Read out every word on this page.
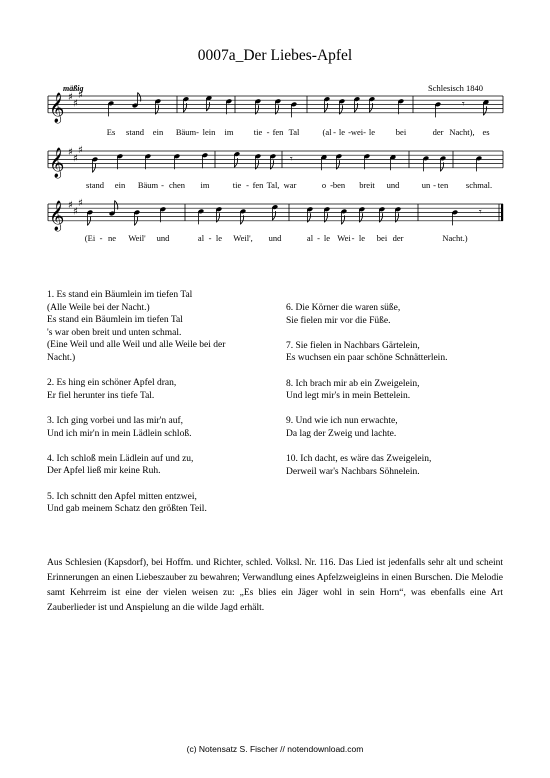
0007a_Der Liebes-Apfel
mäßig	Schlesisch 1840
𝄞 ♯
♯
♯
𝄾
𝄞 ♯
♯
♯
𝄾
𝄞 ♯
♯
♯
𝄾
Es stand ein Bäum - lein im tie - fen Tal	(al - le - wei - le bei	der Nacht), es
stand ein Bäum - chen im	tie - fen Tal, war	o - ben breit und	un - ten schmal.
(Ei - ne Weil' und	al - le Weil', und	al - le Wei - le bei der	Nacht.)
1. Es stand ein Bäumlein im tiefen Tal
(Alle Weile bei der Nacht.)
Es stand ein Bäumlein im tiefen Tal
's war oben breit und unten schmal.
(Eine Weil und alle Weil und alle Weile bei der
Nacht.)
2. Es hing ein schöner Apfel dran,
Er fiel herunter ins tiefe Tal.
3. Ich ging vorbei und las mir'n auf,
Und ich mir'n in mein Lädlein schloß.
4. Ich schloß mein Lädlein auf und zu,
Der Apfel ließ mir keine Ruh.
5. Ich schnitt den Apfel mitten entzwei,
Und gab meinem Schatz den größten Teil.
6. Die Körner die waren süße,
Sie fielen mir vor die Füße.
7. Sie fielen in Nachbars Gärtelein,
Es wuchsen ein paar schöne Schnätterlein.
8. Ich brach mir ab ein Zweigelein,
Und legt mir's in mein Bettelein.
9. Und wie ich nun erwachte,
Da lag der Zweig und lachte.
10. Ich dacht, es wäre das Zweigelein,
Derweil war's Nachbars Söhnelein.
Aus Schlesien (Kapsdorf), bei Hoffm. und Richter, schled. Volksl. Nr. 116. Das Lied ist jedenfalls sehr alt und scheint Erinnerungen an einen Liebeszauber zu bewahren; Verwandlung eines Apfelzweigleins in einen Burschen. Die Melodie samt Kehrreim ist eine der vielen weisen zu: „Es blies ein Jäger wohl in sein Horn“, was ebenfalls eine Art Zauberlieder ist und Anspielung an die wilde Jagd erhält.
(c) Notensatz S. Fischer // notendownload.com
